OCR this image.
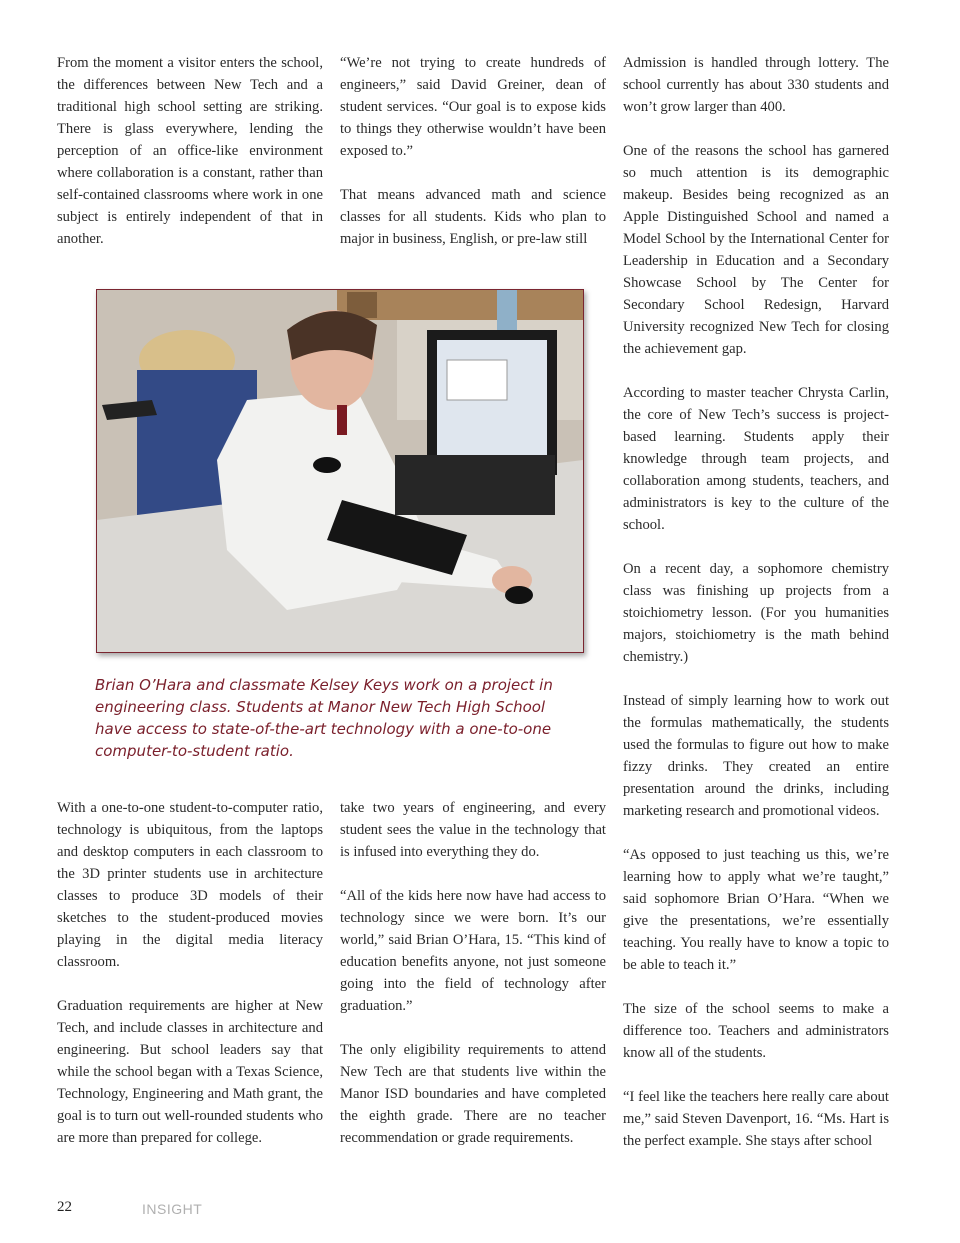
From the moment a visitor enters the school, the differences between New Tech and a traditional high school setting are striking. There is glass everywhere, lending the perception of an office-like environment where collaboration is a constant, rather than self-contained classrooms where work in one subject is entirely independent of that in another.

“We’re not trying to create hundreds of engineers,” said David Greiner, dean of student services. “Our goal is to expose kids to things they otherwise wouldn’t have been exposed to.”

That means advanced math and science classes for all students. Kids who plan to major in business, English, or pre-law still

Admission is handled through lottery. The school currently has about 330 students and won’t grow larger than 400.

One of the reasons the school has garnered so much attention is its demographic makeup. Besides being recognized as an Apple Distinguished School and named a Model School by the International Center for Leadership in Education and a Secondary Showcase School by The Center for Secondary School Redesign, Harvard University recognized New Tech for closing the achievement gap.

According to master teacher Chrysta Carlin, the core of New Tech’s success is project-based learning. Students apply their knowledge through team projects, and collaboration among students, teachers, and administrators is key to the culture of the school.

On a recent day, a sophomore chemistry class was finishing up projects from a stoichiometry lesson. (For you humanities majors, stoichiometry is the math behind chemistry.)

Instead of simply learning how to work out the formulas mathematically, the students used the formulas to figure out how to make fizzy drinks. They created an entire presentation around the drinks, including marketing research and promotional videos.

“As opposed to just teaching us this, we’re learning how to apply what we’re taught,” said sophomore Brian O’Hara. “When we give the presentations, we’re essentially teaching. You really have to know a topic to be able to teach it.”

The size of the school seems to make a difference too. Teachers and administrators know all of the students.

“I feel like the teachers here really care about me,” said Steven Davenport, 16. “Ms. Hart is the perfect example. She stays after school

Brian O’Hara and classmate Kelsey Keys work on a project in engineering class. Students at Manor New Tech High School have access to state-of-the-art technology with a one-to-one computer-to-student ratio.

With a one-to-one student-to-computer ratio, technology is ubiquitous, from the laptops and desktop computers in each classroom to the 3D printer students use in architecture classes to produce 3D models of their sketches to the student-produced movies playing in the digital media literacy classroom.

Graduation requirements are higher at New Tech, and include classes in architecture and engineering. But school leaders say that while the school began with a Texas Science, Technology, Engineering and Math grant, the goal is to turn out well-rounded students who are more than prepared for college.

take two years of engineering, and every student sees the value in the technology that is infused into everything they do.

“All of the kids here now have had access to technology since we were born. It’s our world,” said Brian O’Hara, 15. “This kind of education benefits anyone, not just someone going into the field of technology after graduation.”

The only eligibility requirements to attend New Tech are that students live within the Manor ISD boundaries and have completed the eighth grade. There are no teacher recommendation or grade requirements.

22	INSIGHT
